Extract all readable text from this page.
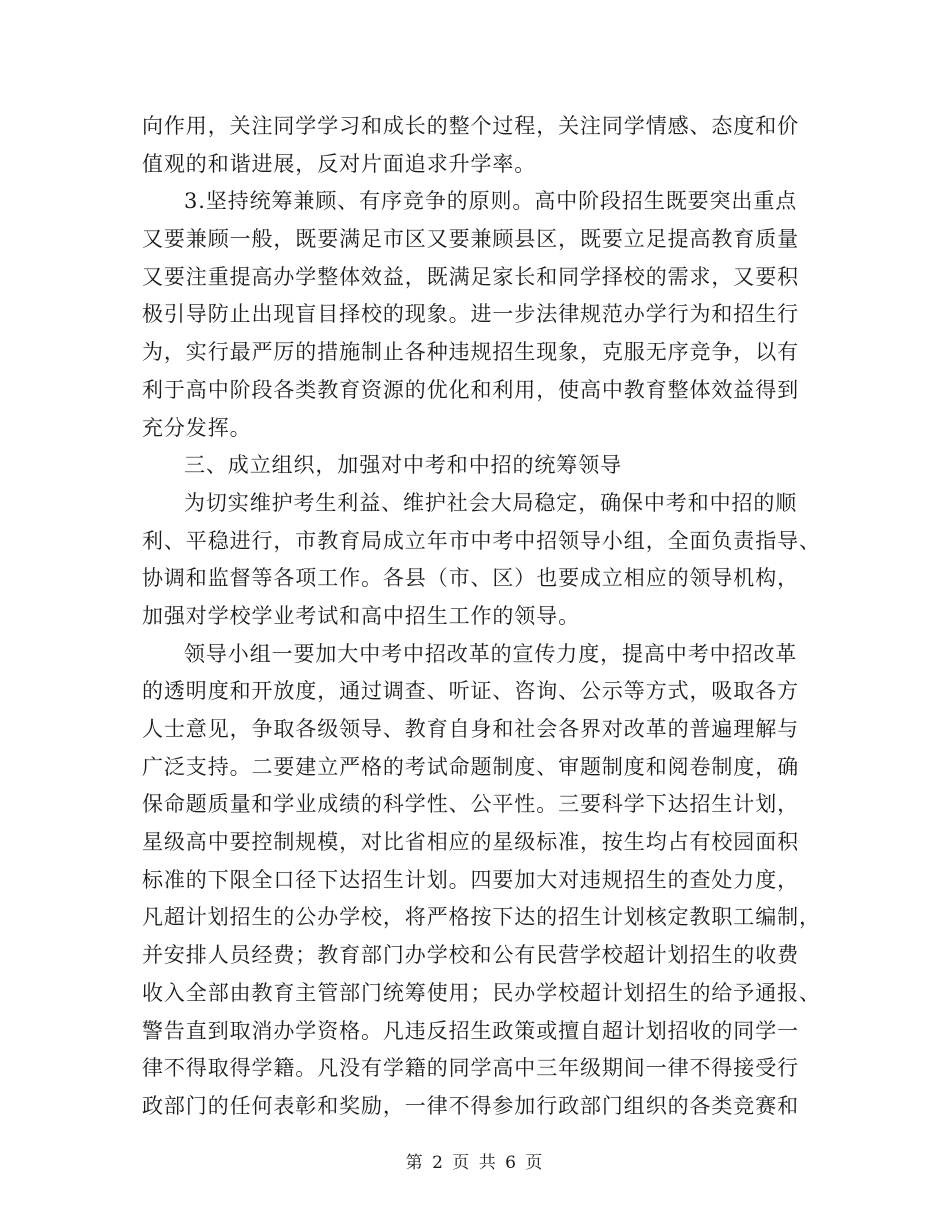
向作用，关注同学学习和成长的整个过程，关注同学情感、态度和价
值观的和谐进展，反对片面追求升学率。
3.坚持统筹兼顾、有序竞争的原则。高中阶段招生既要突出重点
又要兼顾一般，既要满足市区又要兼顾县区，既要立足提高教育质量
又要注重提高办学整体效益，既满足家长和同学择校的需求，又要积
极引导防止出现盲目择校的现象。进一步法律规范办学行为和招生行
为，实行最严厉的措施制止各种违规招生现象，克服无序竞争，以有
利于高中阶段各类教育资源的优化和利用，使高中教育整体效益得到
充分发挥。
三、成立组织，加强对中考和中招的统筹领导
为切实维护考生利益、维护社会大局稳定，确保中考和中招的顺
利、平稳进行，市教育局成立年市中考中招领导小组，全面负责指导、
协调和监督等各项工作。各县（市、区）也要成立相应的领导机构，
加强对学校学业考试和高中招生工作的领导。
领导小组一要加大中考中招改革的宣传力度，提高中考中招改革
的透明度和开放度，通过调查、听证、咨询、公示等方式，吸取各方
人士意见，争取各级领导、教育自身和社会各界对改革的普遍理解与
广泛支持。二要建立严格的考试命题制度、审题制度和阅卷制度，确
保命题质量和学业成绩的科学性、公平性。三要科学下达招生计划，
星级高中要控制规模，对比省相应的星级标准，按生均占有校园面积
标准的下限全口径下达招生计划。四要加大对违规招生的查处力度，
凡超计划招生的公办学校，将严格按下达的招生计划核定教职工编制，
并安排人员经费；教育部门办学校和公有民营学校超计划招生的收费
收入全部由教育主管部门统筹使用；民办学校超计划招生的给予通报、
警告直到取消办学资格。凡违反招生政策或擅自超计划招收的同学一
律不得取得学籍。凡没有学籍的同学高中三年级期间一律不得接受行
政部门的任何表彰和奖励，一律不得参加行政部门组织的各类竞赛和
第 2 页 共 6 页
